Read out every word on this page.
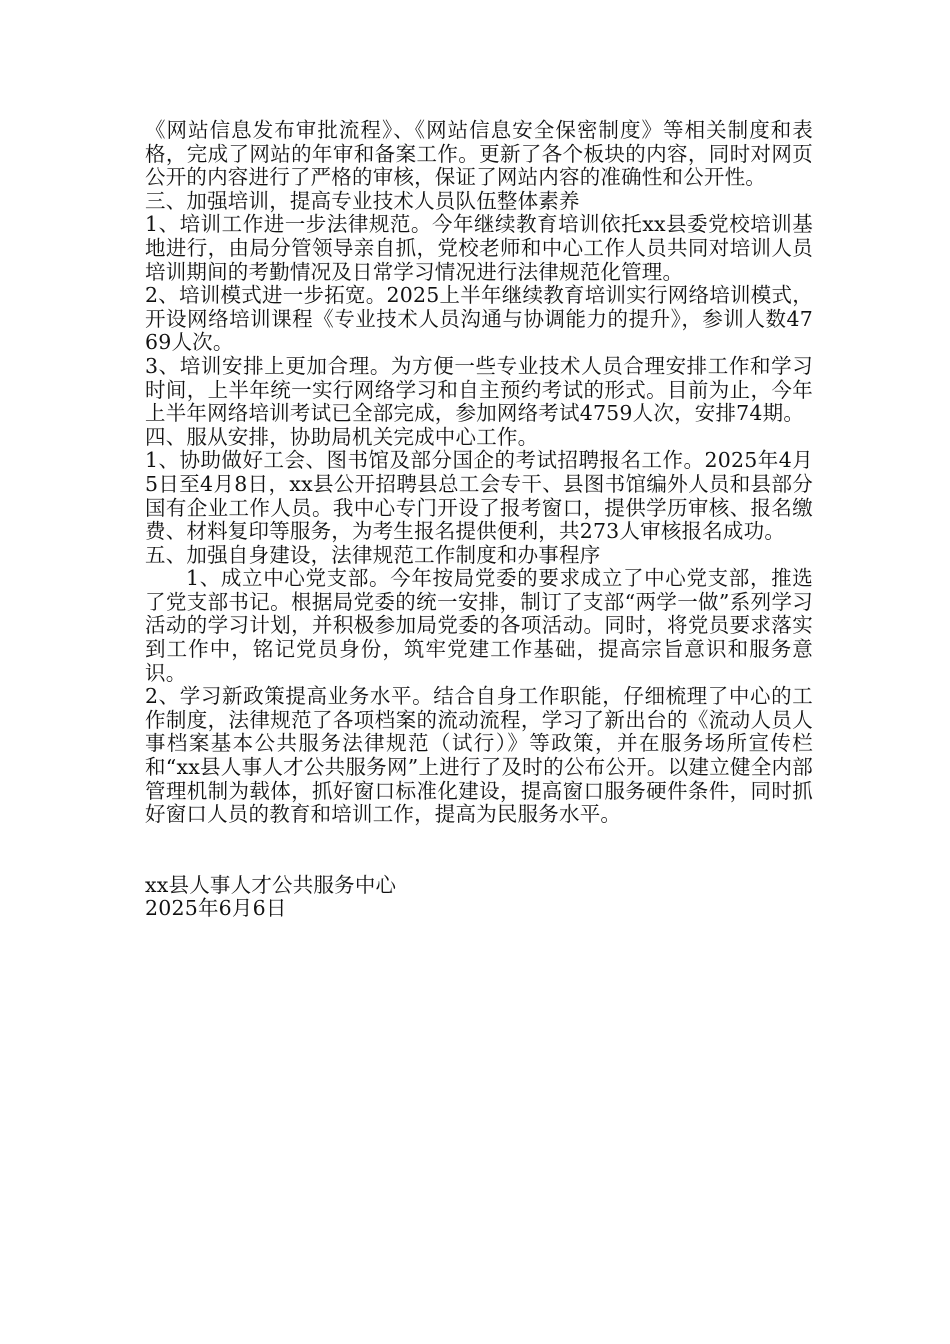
《网站信息发布审批流程》、《网站信息安全保密制度》等相关制度和表格，完成了网站的年审和备案工作。更新了各个板块的内容，同时对网页公开的内容进行了严格的审核，保证了网站内容的准确性和公开性。

三、加强培训，提高专业技术人员队伍整体素养

1、培训工作进一步法律规范。今年继续教育培训依托xx县委党校培训基地进行，由局分管领导亲自抓，党校老师和中心工作人员共同对培训人员培训期间的考勤情况及日常学习情况进行法律规范化管理。

2、培训模式进一步拓宽。2025上半年继续教育培训实行网络培训模式，开设网络培训课程《专业技术人员沟通与协调能力的提升》，参训人数4769人次。

3、培训安排上更加合理。为方便一些专业技术人员合理安排工作和学习时间，上半年统一实行网络学习和自主预约考试的形式。目前为止，今年上半年网络培训考试已全部完成，参加网络考试4759人次，安排74期。

四、服从安排，协助局机关完成中心工作。

1、协助做好工会、图书馆及部分国企的考试招聘报名工作。2025年4月5日至4月8日，xx县公开招聘县总工会专干、县图书馆编外人员和县部分国有企业工作人员。我中心专门开设了报考窗口，提供学历审核、报名缴费、材料复印等服务，为考生报名提供便利，共273人审核报名成功。

五、加强自身建设，法律规范工作制度和办事程序

1、成立中心党支部。今年按局党委的要求成立了中心党支部，推选了党支部书记。根据局党委的统一安排，制订了支部“两学一做”系列学习活动的学习计划，并积极参加局党委的各项活动。同时，将党员要求落实到工作中，铭记党员身份，筑牢党建工作基础，提高宗旨意识和服务意识。

2、学习新政策提高业务水平。结合自身工作职能，仔细梳理了中心的工作制度，法律规范了各项档案的流动流程，学习了新出台的《流动人员人事档案基本公共服务法律规范（试行）》等政策，并在服务场所宣传栏和“xx县人事人才公共服务网”上进行了及时的公布公开。以建立健全内部管理机制为载体，抓好窗口标准化建设，提高窗口服务硬件条件，同时抓好窗口人员的教育和培训工作，提高为民服务水平。

xx县人事人才公共服务中心

2025年6月6日
